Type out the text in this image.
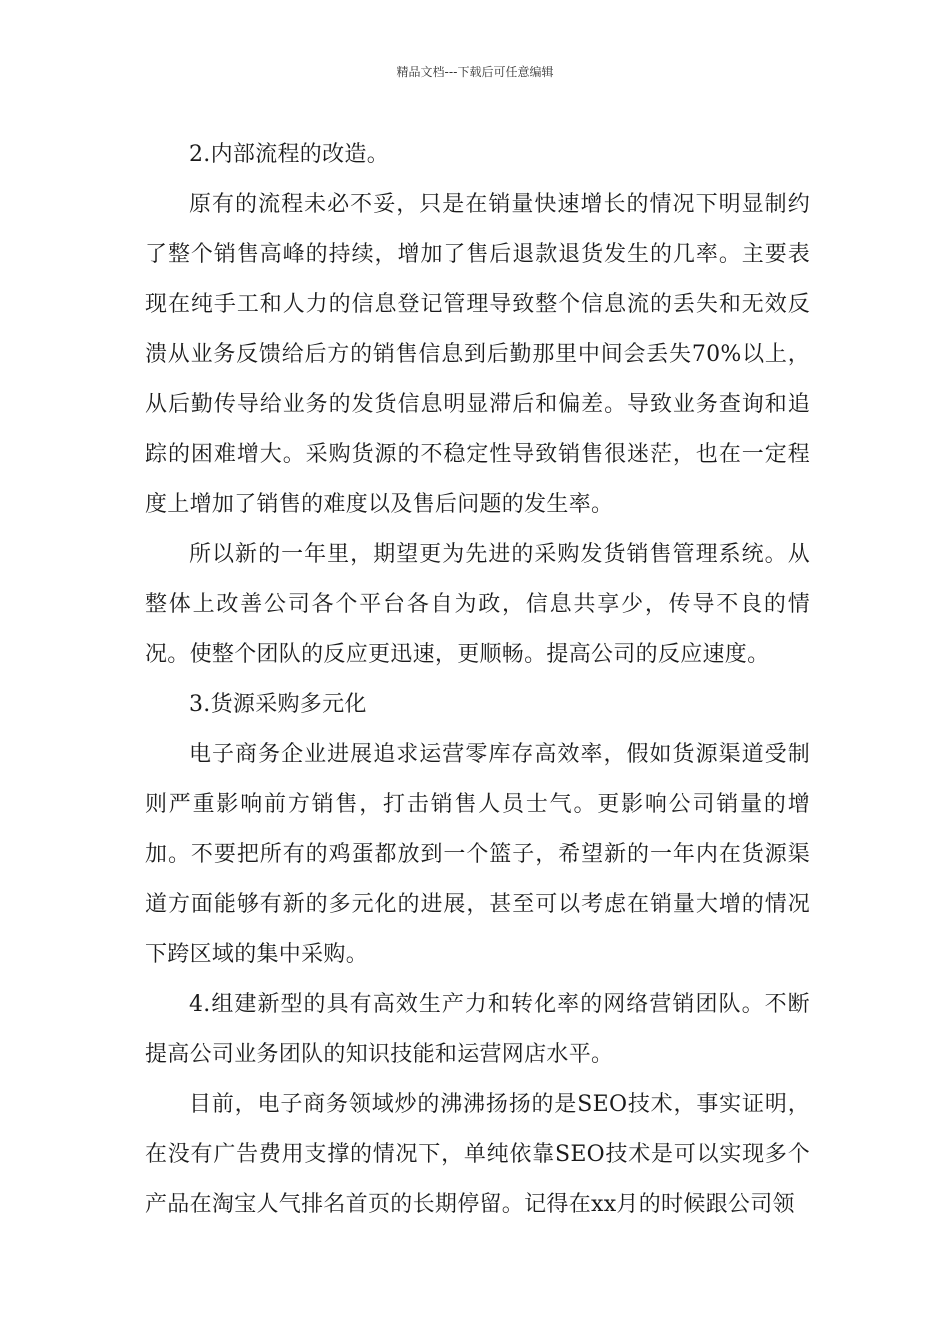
精品文档---下载后可任意编辑

2.内部流程的改造。

原有的流程未必不妥，只是在销量快速增长的情况下明显制约了整个销售高峰的持续，增加了售后退款退货发生的几率。主要表现在纯手工和人力的信息登记管理导致整个信息流的丢失和无效反溃从业务反馈给后方的销售信息到后勤那里中间会丢失70%以上，从后勤传导给业务的发货信息明显滞后和偏差。导致业务查询和追踪的困难增大。采购货源的不稳定性导致销售很迷茫，也在一定程度上增加了销售的难度以及售后问题的发生率。

所以新的一年里，期望更为先进的采购发货销售管理系统。从整体上改善公司各个平台各自为政，信息共享少，传导不良的情况。使整个团队的反应更迅速，更顺畅。提高公司的反应速度。

3.货源采购多元化

电子商务企业进展追求运营零库存高效率，假如货源渠道受制则严重影响前方销售，打击销售人员士气。更影响公司销量的增加。不要把所有的鸡蛋都放到一个篮子，希望新的一年内在货源渠道方面能够有新的多元化的进展，甚至可以考虑在销量大增的情况下跨区域的集中采购。

4.组建新型的具有高效生产力和转化率的网络营销团队。不断提高公司业务团队的知识技能和运营网店水平。

目前，电子商务领域炒的沸沸扬扬的是SEO技术，事实证明，在没有广告费用支撑的情况下，单纯依靠SEO技术是可以实现多个产品在淘宝人气排名首页的长期停留。记得在xx月的时候跟公司领
